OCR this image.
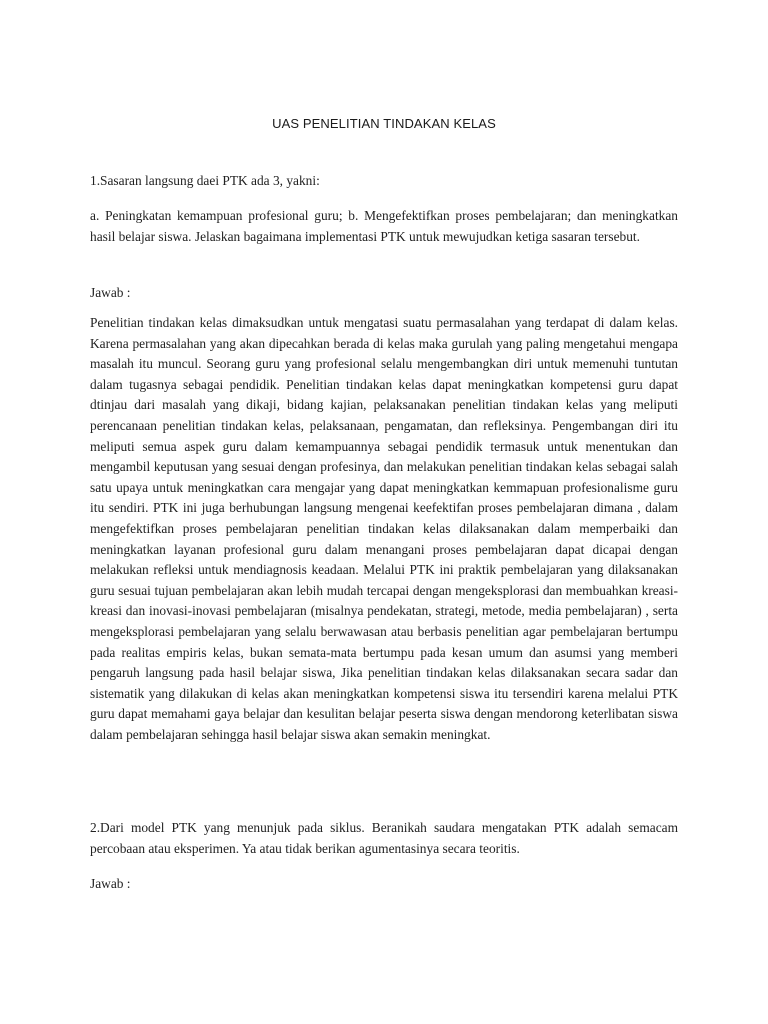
UAS PENELITIAN TINDAKAN KELAS

1.Sasaran langsung daei PTK ada 3, yakni:

a. Peningkatan kemampuan profesional guru; b. Mengefektifkan proses pembelajaran; dan meningkatkan hasil belajar siswa. Jelaskan bagaimana implementasi PTK untuk mewujudkan ketiga sasaran tersebut.

Jawab :

Penelitian tindakan kelas dimaksudkan untuk mengatasi suatu permasalahan yang terdapat di dalam kelas. Karena permasalahan yang akan dipecahkan berada di kelas maka gurulah yang paling mengetahui mengapa masalah itu muncul. Seorang guru yang profesional selalu mengembangkan diri untuk memenuhi tuntutan dalam tugasnya sebagai pendidik. Penelitian tindakan kelas dapat meningkatkan kompetensi guru dapat dtinjau dari masalah yang dikaji, bidang kajian, pelaksanakan penelitian tindakan kelas yang meliputi perencanaan penelitian tindakan kelas, pelaksanaan, pengamatan, dan refleksinya. Pengembangan diri itu meliputi semua aspek guru dalam kemampuannya sebagai pendidik termasuk untuk menentukan dan mengambil keputusan yang sesuai dengan profesinya, dan melakukan penelitian tindakan kelas sebagai salah satu upaya untuk meningkatkan cara mengajar yang dapat meningkatkan kemmapuan profesionalisme guru itu sendiri. PTK ini juga berhubungan langsung mengenai keefektifan proses pembelajaran dimana , dalam mengefektifkan proses pembelajaran penelitian tindakan kelas dilaksanakan dalam memperbaiki dan meningkatkan layanan profesional guru dalam menangani proses pembelajaran dapat dicapai dengan melakukan refleksi untuk mendiagnosis keadaan. Melalui PTK ini praktik pembelajaran yang dilaksanakan guru sesuai tujuan pembelajaran akan lebih mudah tercapai dengan mengeksplorasi dan membuahkan kreasi-kreasi dan inovasi-inovasi pembelajaran (misalnya pendekatan, strategi, metode, media pembelajaran) , serta mengeksplorasi pembelajaran yang selalu berwawasan atau berbasis penelitian agar pembelajaran bertumpu pada realitas empiris kelas, bukan semata-mata bertumpu pada kesan umum dan asumsi yang memberi pengaruh langsung pada hasil belajar siswa, Jika penelitian tindakan kelas dilaksanakan secara sadar dan sistematik yang dilakukan di kelas akan meningkatkan kompetensi siswa itu tersendiri karena melalui PTK guru dapat memahami gaya belajar dan kesulitan belajar peserta siswa dengan mendorong keterlibatan siswa dalam pembelajaran sehingga hasil belajar siswa akan semakin meningkat.

2.Dari model PTK yang menunjuk pada siklus. Beranikah saudara mengatakan PTK adalah semacam percobaan atau eksperimen. Ya atau tidak berikan agumentasinya secara teoritis.

Jawab :
